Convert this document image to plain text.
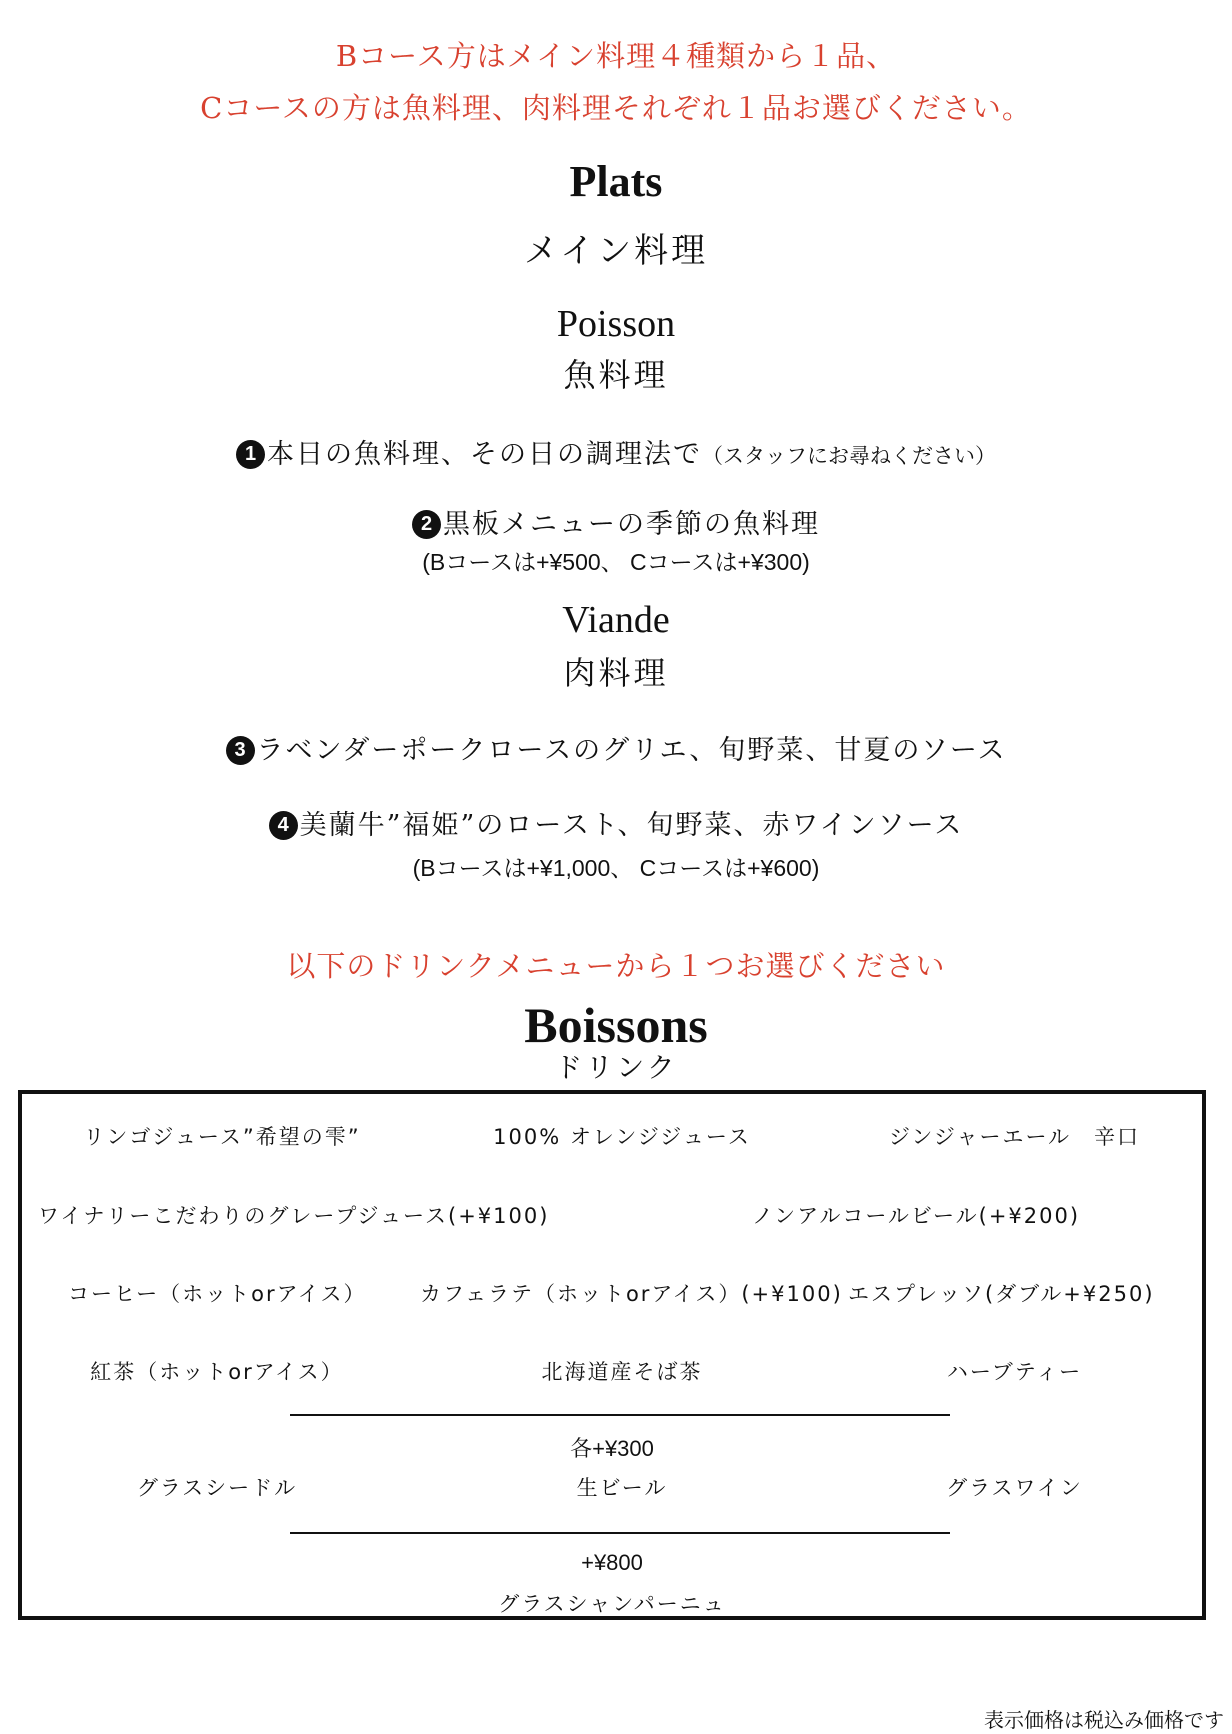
Bコース方はメイン料理４種類から１品、
Cコースの方は魚料理、肉料理それぞれ１品お選びください。
Plats
メイン料理
Poisson
魚料理
1 本日の魚料理、その日の調理法で（スタッフにお尋ねください）
2 黒板メニューの季節の魚料理
(Bコースは+¥500、 Cコースは+¥300)
Viande
肉料理
3 ラベンダーポークロースのグリエ、旬野菜、甘夏のソース
4 美蘭牛”福姫”のロースト、旬野菜、赤ワインソース
(Bコースは+¥1,000、 Cコースは+¥600)
以下のドリンクメニューから１つお選びください
Boissons
ドリンク
リンゴジュース”希望の雫”	100% オレンジジュース	ジンジャーエール　辛口
ワイナリーこだわりのグレープジュース(+¥100)	ノンアルコールビール(+¥200)
コーヒー（ホットorアイス）	カフェラテ（ホットorアイス）(+¥100) エスプレッソ(ダブル+¥250)
紅茶（ホットorアイス）	北海道産そば茶	ハーブティー
各+¥300
グラスシードル	生ビール	グラスワイン
+¥800
グラスシャンパーニュ
表示価格は税込み価格です
